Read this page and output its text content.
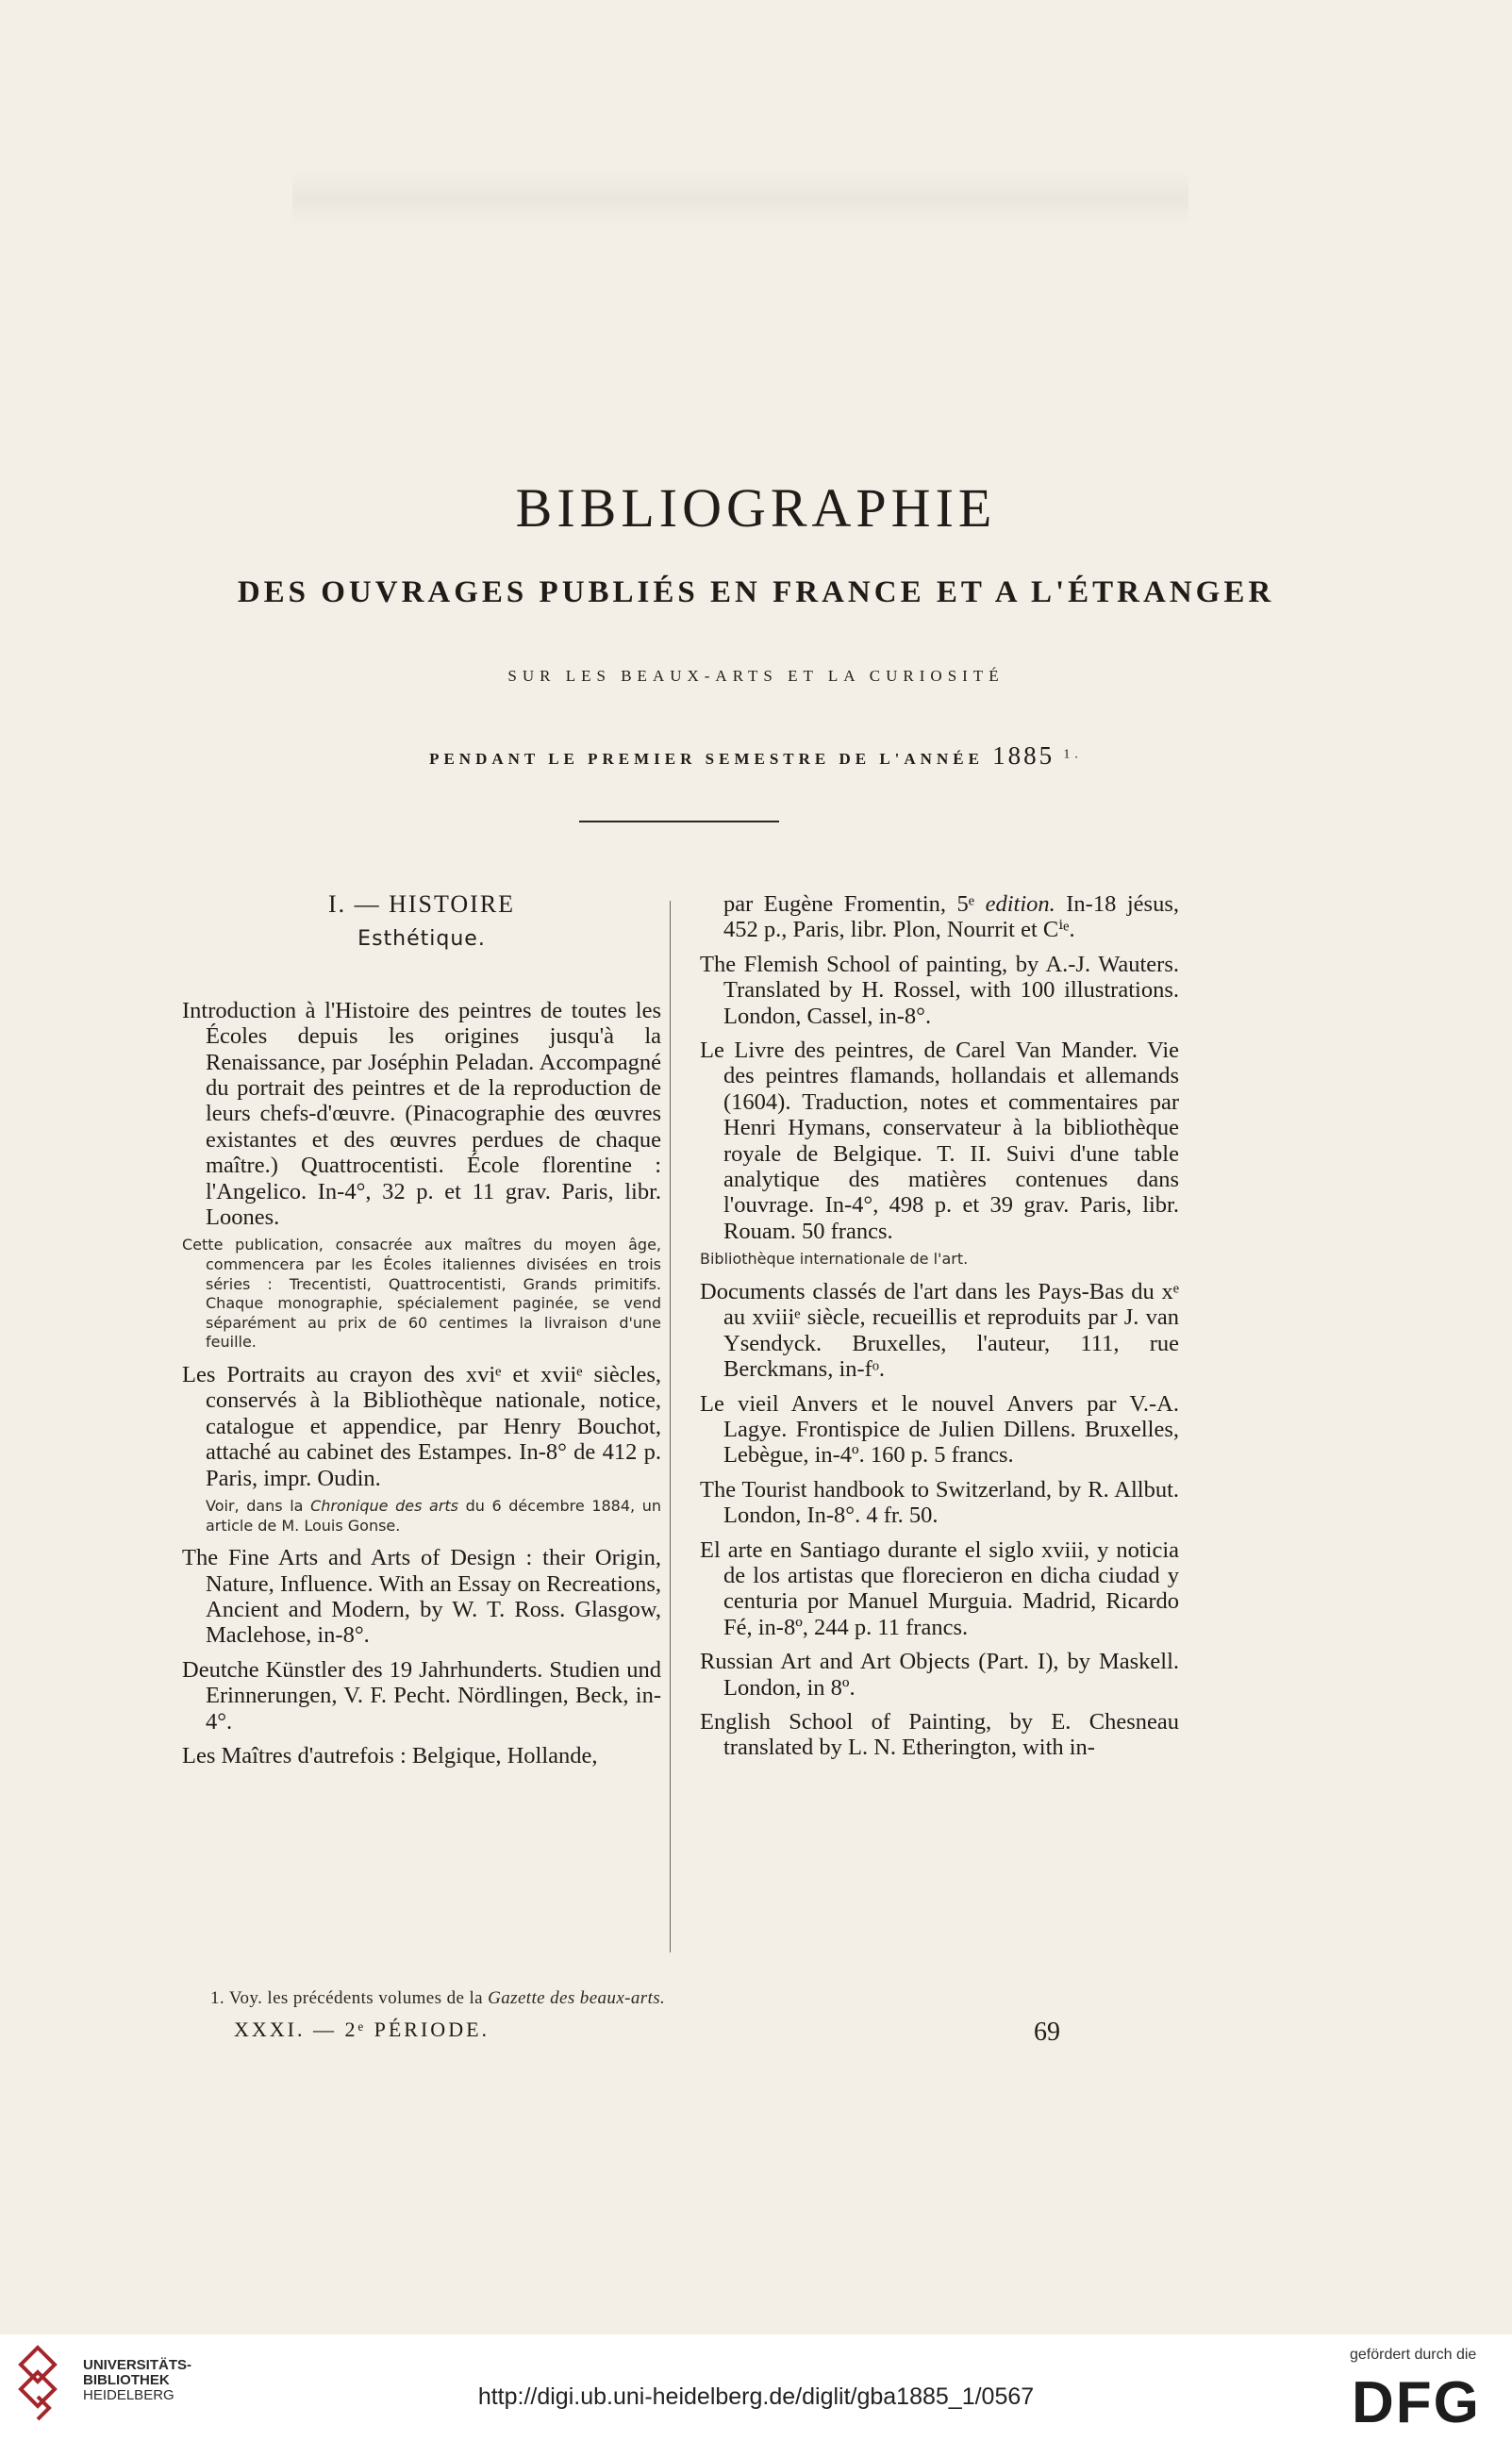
BIBLIOGRAPHIE
DES OUVRAGES PUBLIÉS EN FRANCE ET A L'ÉTRANGER
SUR LES BEAUX-ARTS ET LA CURIOSITÉ
PENDANT LE PREMIER SEMESTRE DE L'ANNÉE 1885 $^{1.}$
I. — HISTOIRE
Esthétique.

Introduction à l'Histoire des peintres de toutes les Écoles depuis les origines jusqu'à la Renaissance, par Joséphin Peladan. Accompagné du portrait des peintres et de la reproduction de leurs chefs-d'œuvre. (Pinacographie des œuvres existantes et des œuvres perdues de chaque maître.) Quattrocentisti. École florentine : l'Angelico. In-4°, 32 p. et 11 grav. Paris, libr. Loones.

Cette publication, consacrée aux maîtres du moyen âge, commencera par les Écoles italiennes divisées en trois séries : Trecentisti, Quattrocentisti, Grands primitifs. Chaque monographie, spécialement paginée, se vend séparément au prix de 60 centimes la livraison d'une feuille.

Les Portraits au crayon des xviᵉ et xviiᵉ siècles, conservés à la Bibliothèque nationale, notice, catalogue et appendice, par Henry Bouchot, attaché au cabinet des Estampes. In-8° de 412 p. Paris, impr. Oudin.

Voir, dans la Chronique des arts du 6 décembre 1884, un article de M. Louis Gonse.

The Fine Arts and Arts of Design : their Origin, Nature, Influence. With an Essay on Recreations, Ancient and Modern, by W. T. Ross. Glasgow, Maclehose, in-8°.

Deutche Künstler des 19 Jahrhunderts. Studien und Erinnerungen, V. F. Pecht. Nördlingen, Beck, in-4°.

Les Maîtres d'autrefois : Belgique, Hollande,

par Eugène Fromentin, 5ᵉ edition. In-18 jésus, 452 p., Paris, libr. Plon, Nourrit et Cⁱᵉ.

The Flemish School of painting, by A.-J. Wauters. Translated by H. Rossel, with 100 illustrations. London, Cassel, in-8°.

Le Livre des peintres, de Carel Van Mander. Vie des peintres flamands, hollandais et allemands (1604). Traduction, notes et commentaires par Henri Hymans, conservateur à la bibliothèque royale de Belgique. T. II. Suivi d'une table analytique des matières contenues dans l'ouvrage. In-4°, 498 p. et 39 grav. Paris, libr. Rouam. 50 francs.

Bibliothèque internationale de l'art.

Documents classés de l'art dans les Pays-Bas du xᵉ au xviiiᵉ siècle, recueillis et reproduits par J. van Ysendyck. Bruxelles, l'auteur, 111, rue Berckmans, in-fᵒ.

Le vieil Anvers et le nouvel Anvers par V.-A. Lagye. Frontispice de Julien Dillens. Bruxelles, Lebègue, in-4º. 160 p. 5 francs.

The Tourist handbook to Switzerland, by R. Allbut. London, In-8°. 4 fr. 50.

El arte en Santiago durante el siglo xviii, y noticia de los artistas que florecieron en dicha ciudad y centuria por Manuel Murguia. Madrid, Ricardo Fé, in-8º, 244 p. 11 francs.

Russian Art and Art Objects (Part. I), by Maskell. London, in 8º.

English School of Painting, by E. Chesneau translated by L. N. Etherington, with in-

1. Voy. les précédents volumes de la Gazette des beaux-arts.
XXXI. — 2ᵉ PÉRIODE.	69
UNIVERSITÄTS-
BIBLIOTHEK
HEIDELBERG	http://digi.ub.uni-heidelberg.de/diglit/gba1885_1/0567
gefördert durch die
DFG
